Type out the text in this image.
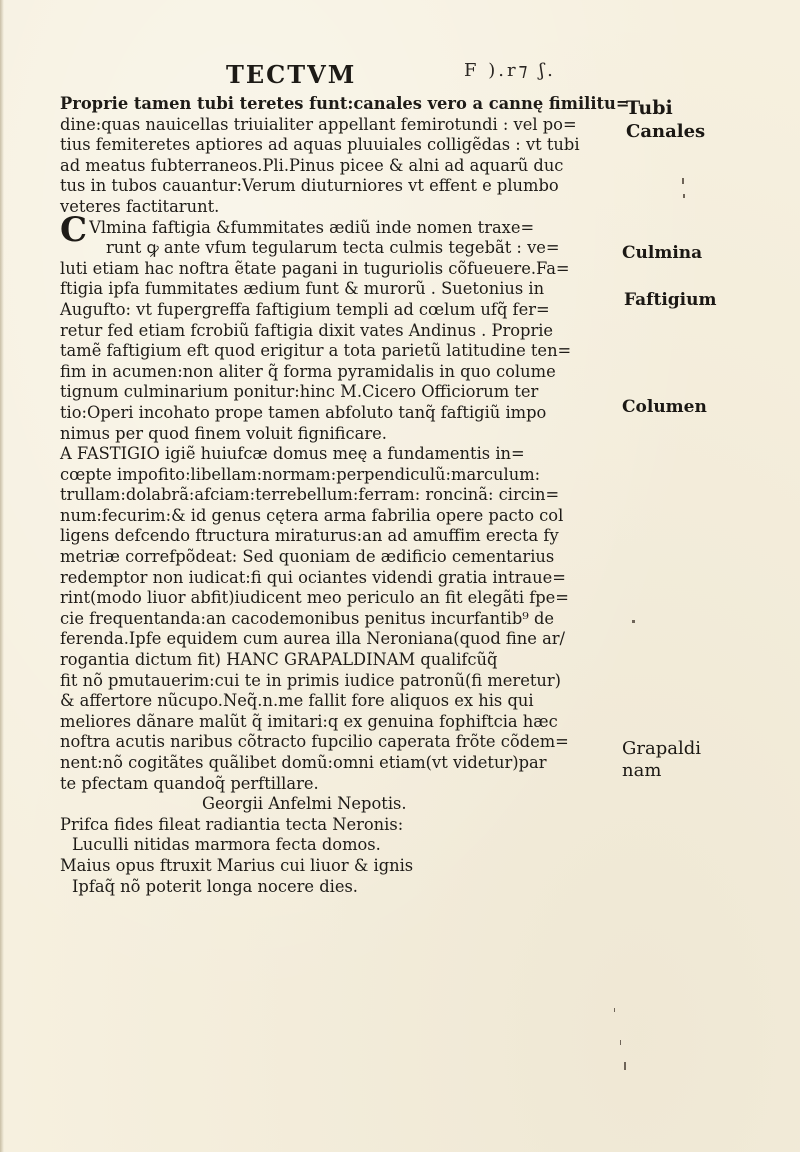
TECTVM	F ).r⁊ ʃ.
Proprie tamen tubi teretes funt:canales vero a cannę fimilitu=
dine:quas nauicellas triuialiter appellant femirotundi : vel po=
tius femiteretes aptiores ad aquas pluuiales colligẽdas : vt tubi
ad meatus fubterraneos.Pli.Pinus picee & alni ad aquarũ duc
tus in tubos cauantur:Verum diuturniores vt effent e plumbo
veteres factitarunt.
C Vlmina faftigia &fummitates ædiũ inde nomen traxe=
runt ꝙ ante vfum tegularum tecta culmis tegebãt : ve=
luti etiam hac noftra ẽtate pagani in tuguriolis cõfueuere.Fa=
ftigia ipfa fummitates ædium funt & murorũ . Suetonius in
Augufto: vt fupergreffa faftigium templi ad cœlum ufq̃ fer=
retur fed etiam fcrobiũ faftigia dixit vates Andinus . Proprie
tamẽ faftigium eft quod erigitur a tota parietũ latitudine ten=
fim in acumen:non aliter q̃ forma pyramidalis in quo colume
tignum culminarium ponitur:hinc M.Cicero Officiorum ter
tio:Operi incohato prope tamen abfoluto tanq̃ faftigiũ impo
nimus per quod finem voluit fignificare.
A FASTIGIO igiẽ huiufcæ domus meę a fundamentis in=
cœpte impofito:libellam:normam:perpendiculũ:marculum:
trullam:dolabrã:afciam:terrebellum:ferram: roncinã: circin=
num:fecurim:& id genus cętera arma fabrilia opere pacto col
ligens defcendo ftructura miraturus:an ad amuffim erecta fy
metriæ correfpõdeat: Sed quoniam de ædificio cementarius
redemptor non iudicat:fi qui ociantes videndi gratia intraue=
rint(modo liuor abfit)iudicent meo periculo an fit elegãti fpe=
cie frequentanda:an cacodemonibus penitus incurfantib⁹ de
ferenda.Ipfe equidem cum aurea illa Neroniana(quod fine ar/
rogantia dictum fit) HANC GRAPALDINAM qualifcũq̃
fit nõ pmutauerim:cui te in primis iudice patronũ(fi meretur)
& affertore nũcupo.Neq̃.n.me fallit fore aliquos ex his qui
meliores dãnare malũt q̃ imitari:q ex genuina fophiftcia hæc
noftra acutis naribus cõtracto fupcilio caperata frõte cõdem=
nent:nõ cogitãtes quãlibet domũ:omni etiam(vt videtur)par
te pfectam quandoq̃ perftillare.
Georgii Anfelmi Nepotis.
Prifca fides fileat radiantia tecta Neronis:
Luculli nitidas marmora fecta domos.
Maius opus ftruxit Marius cui liuor & ignis
Ipfaq̃ nõ poterit longa nocere dies.
Tubi
Canales
Culmina
Faftigium
Columen
Grapaldi
nam
